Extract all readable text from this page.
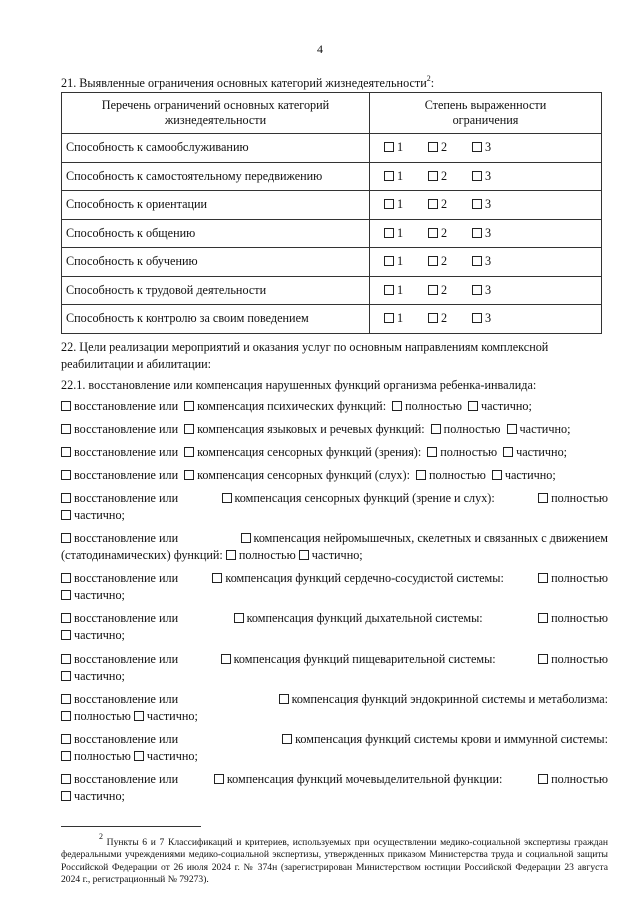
4
21. Выявленные ограничения основных категорий жизнедеятельности$^2$:
Перечень ограничений основных категорий
жизнедеятельности	Степень выраженности
ограничения
Способность к самообслуживанию	1 2 3
Способность к самостоятельному передвижению	1 2 3
Способность к ориентации	1 2 3
Способность к общению	1 2 3
Способность к обучению	1 2 3
Способность к трудовой деятельности	1 2 3
Способность к контролю за своим поведением	1 2 3
22. Цели реализации мероприятий и оказания услуг по основным направлениям комплексной
реабилитации и абилитации:
22.1. восстановление или компенсация нарушенных функций организма ребенка-инвалида:
восстановление или	компенсация психических функций:	полностью	частично;
восстановление или	компенсация языковых и речевых функций:	полностью	частично;
восстановление или	компенсация сенсорных функций (зрения):	полностью	частично;
восстановление или	компенсация сенсорных функций (слух):	полностью	частично;
восстановление или	компенсация сенсорных функций (зрение и слух):	полностью
частично;
восстановление или	компенсация нейромышечных, скелетных и связанных с движением
(статодинамических) функций: полностью частично;
восстановление или	компенсация функций сердечно-сосудистой системы:	полностью
частично;
восстановление или	компенсация функций дыхательной системы:	полностью
частично;
восстановление или	компенсация функций пищеварительной системы:	полностью
частично;
восстановление или	компенсация функций эндокринной системы и метаболизма:
полностью частично;
восстановление или	компенсация функций системы крови и иммунной системы:
полностью частично;
восстановление или	компенсация функций мочевыделительной функции:	полностью
частично;
$^2$ Пункты 6 и 7 Классификаций и критериев, используемых при осуществлении медико-социальной экспертизы граждан федеральными учреждениями медико-социальной экспертизы, утвержденных приказом Министерства труда и социальной защиты Российской Федерации от 26 июля 2024 г. № 374н (зарегистрирован Министерством юстиции Российской Федерации 23 августа 2024 г., регистрационный № 79273).
